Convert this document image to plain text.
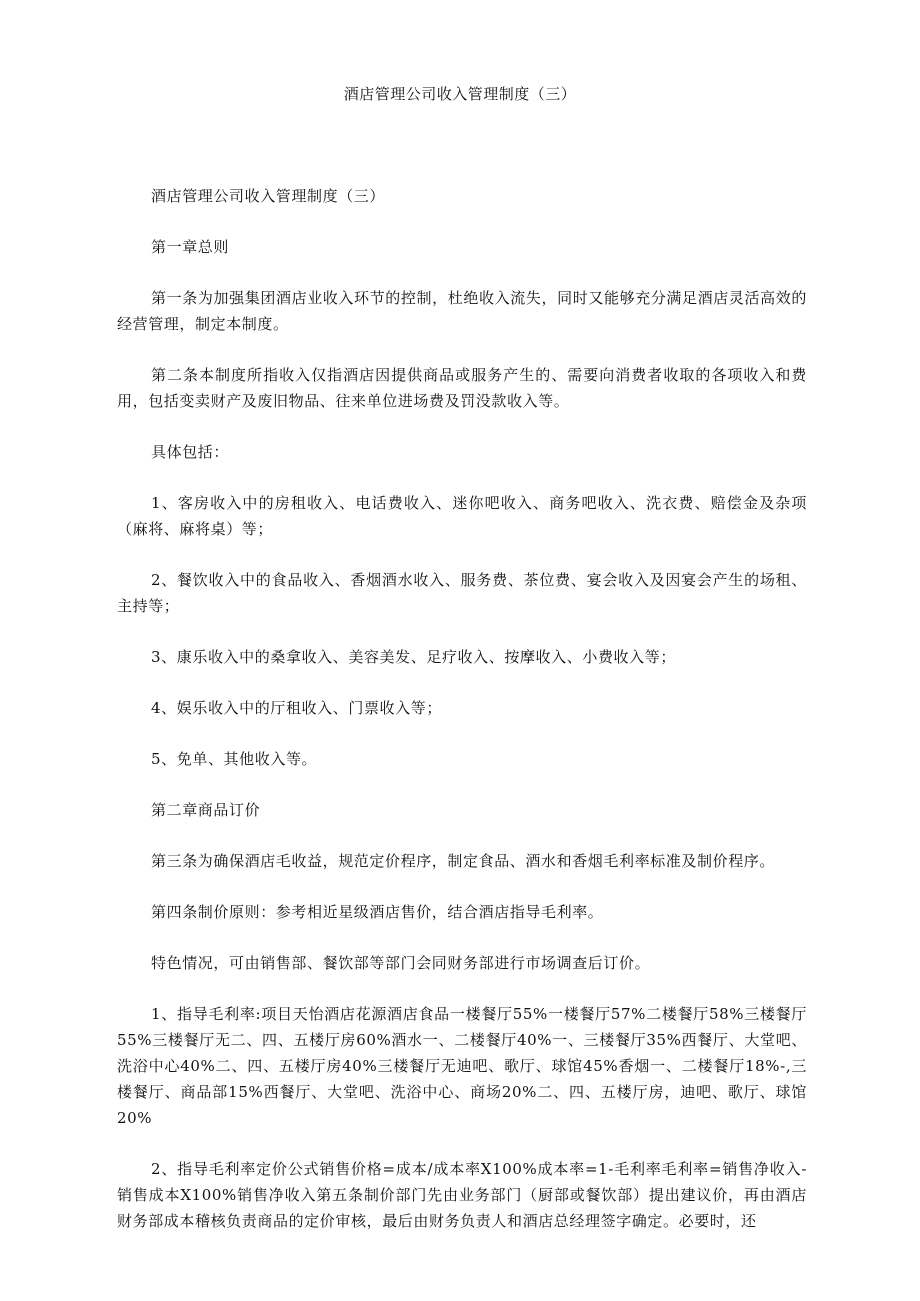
酒店管理公司收入管理制度（三）

酒店管理公司收入管理制度（三）

第一章总则

第一条为加强集团酒店业收入环节的控制，杜绝收入流失，同时又能够充分满足酒店灵活高效的经营管理，制定本制度。

第二条本制度所指收入仅指酒店因提供商品或服务产生的、需要向消费者收取的各项收入和费用，包括变卖财产及废旧物品、往来单位进场费及罚没款收入等。

具体包括：

1、客房收入中的房租收入、电话费收入、迷你吧收入、商务吧收入、洗衣费、赔偿金及杂项（麻将、麻将桌）等；

2、餐饮收入中的食品收入、香烟酒水收入、服务费、茶位费、宴会收入及因宴会产生的场租、主持等；

3、康乐收入中的桑拿收入、美容美发、足疗收入、按摩收入、小费收入等；

4、娱乐收入中的厅租收入、门票收入等；

5、免单、其他收入等。

第二章商品订价

第三条为确保酒店毛收益，规范定价程序，制定食品、酒水和香烟毛利率标准及制价程序。

第四条制价原则：参考相近星级酒店售价，结合酒店指导毛利率。

特色情况，可由销售部、餐饮部等部门会同财务部进行市场调查后订价。

1、指导毛利率:项目天怡酒店花源酒店食品一楼餐厅55%一楼餐厅57%二楼餐厅58%三楼餐厅55%三楼餐厅无二、四、五楼厅房60%酒水一、二楼餐厅40%一、三楼餐厅35%西餐厅、大堂吧、洗浴中心40%二、四、五楼厅房40%三楼餐厅无迪吧、歌厅、球馆45%香烟一、二楼餐厅18%-,三楼餐厅、商品部15%西餐厅、大堂吧、洗浴中心、商场20%二、四、五楼厅房，迪吧、歌厅、球馆20%

2、指导毛利率定价公式销售价格=成本/成本率X100%成本率=1-毛利率毛利率=销售净收入-销售成本X100%销售净收入第五条制价部门先由业务部门（厨部或餐饮部）提出建议价，再由酒店财务部成本稽核负责商品的定价审核，最后由财务负责人和酒店总经理签字确定。必要时，还
